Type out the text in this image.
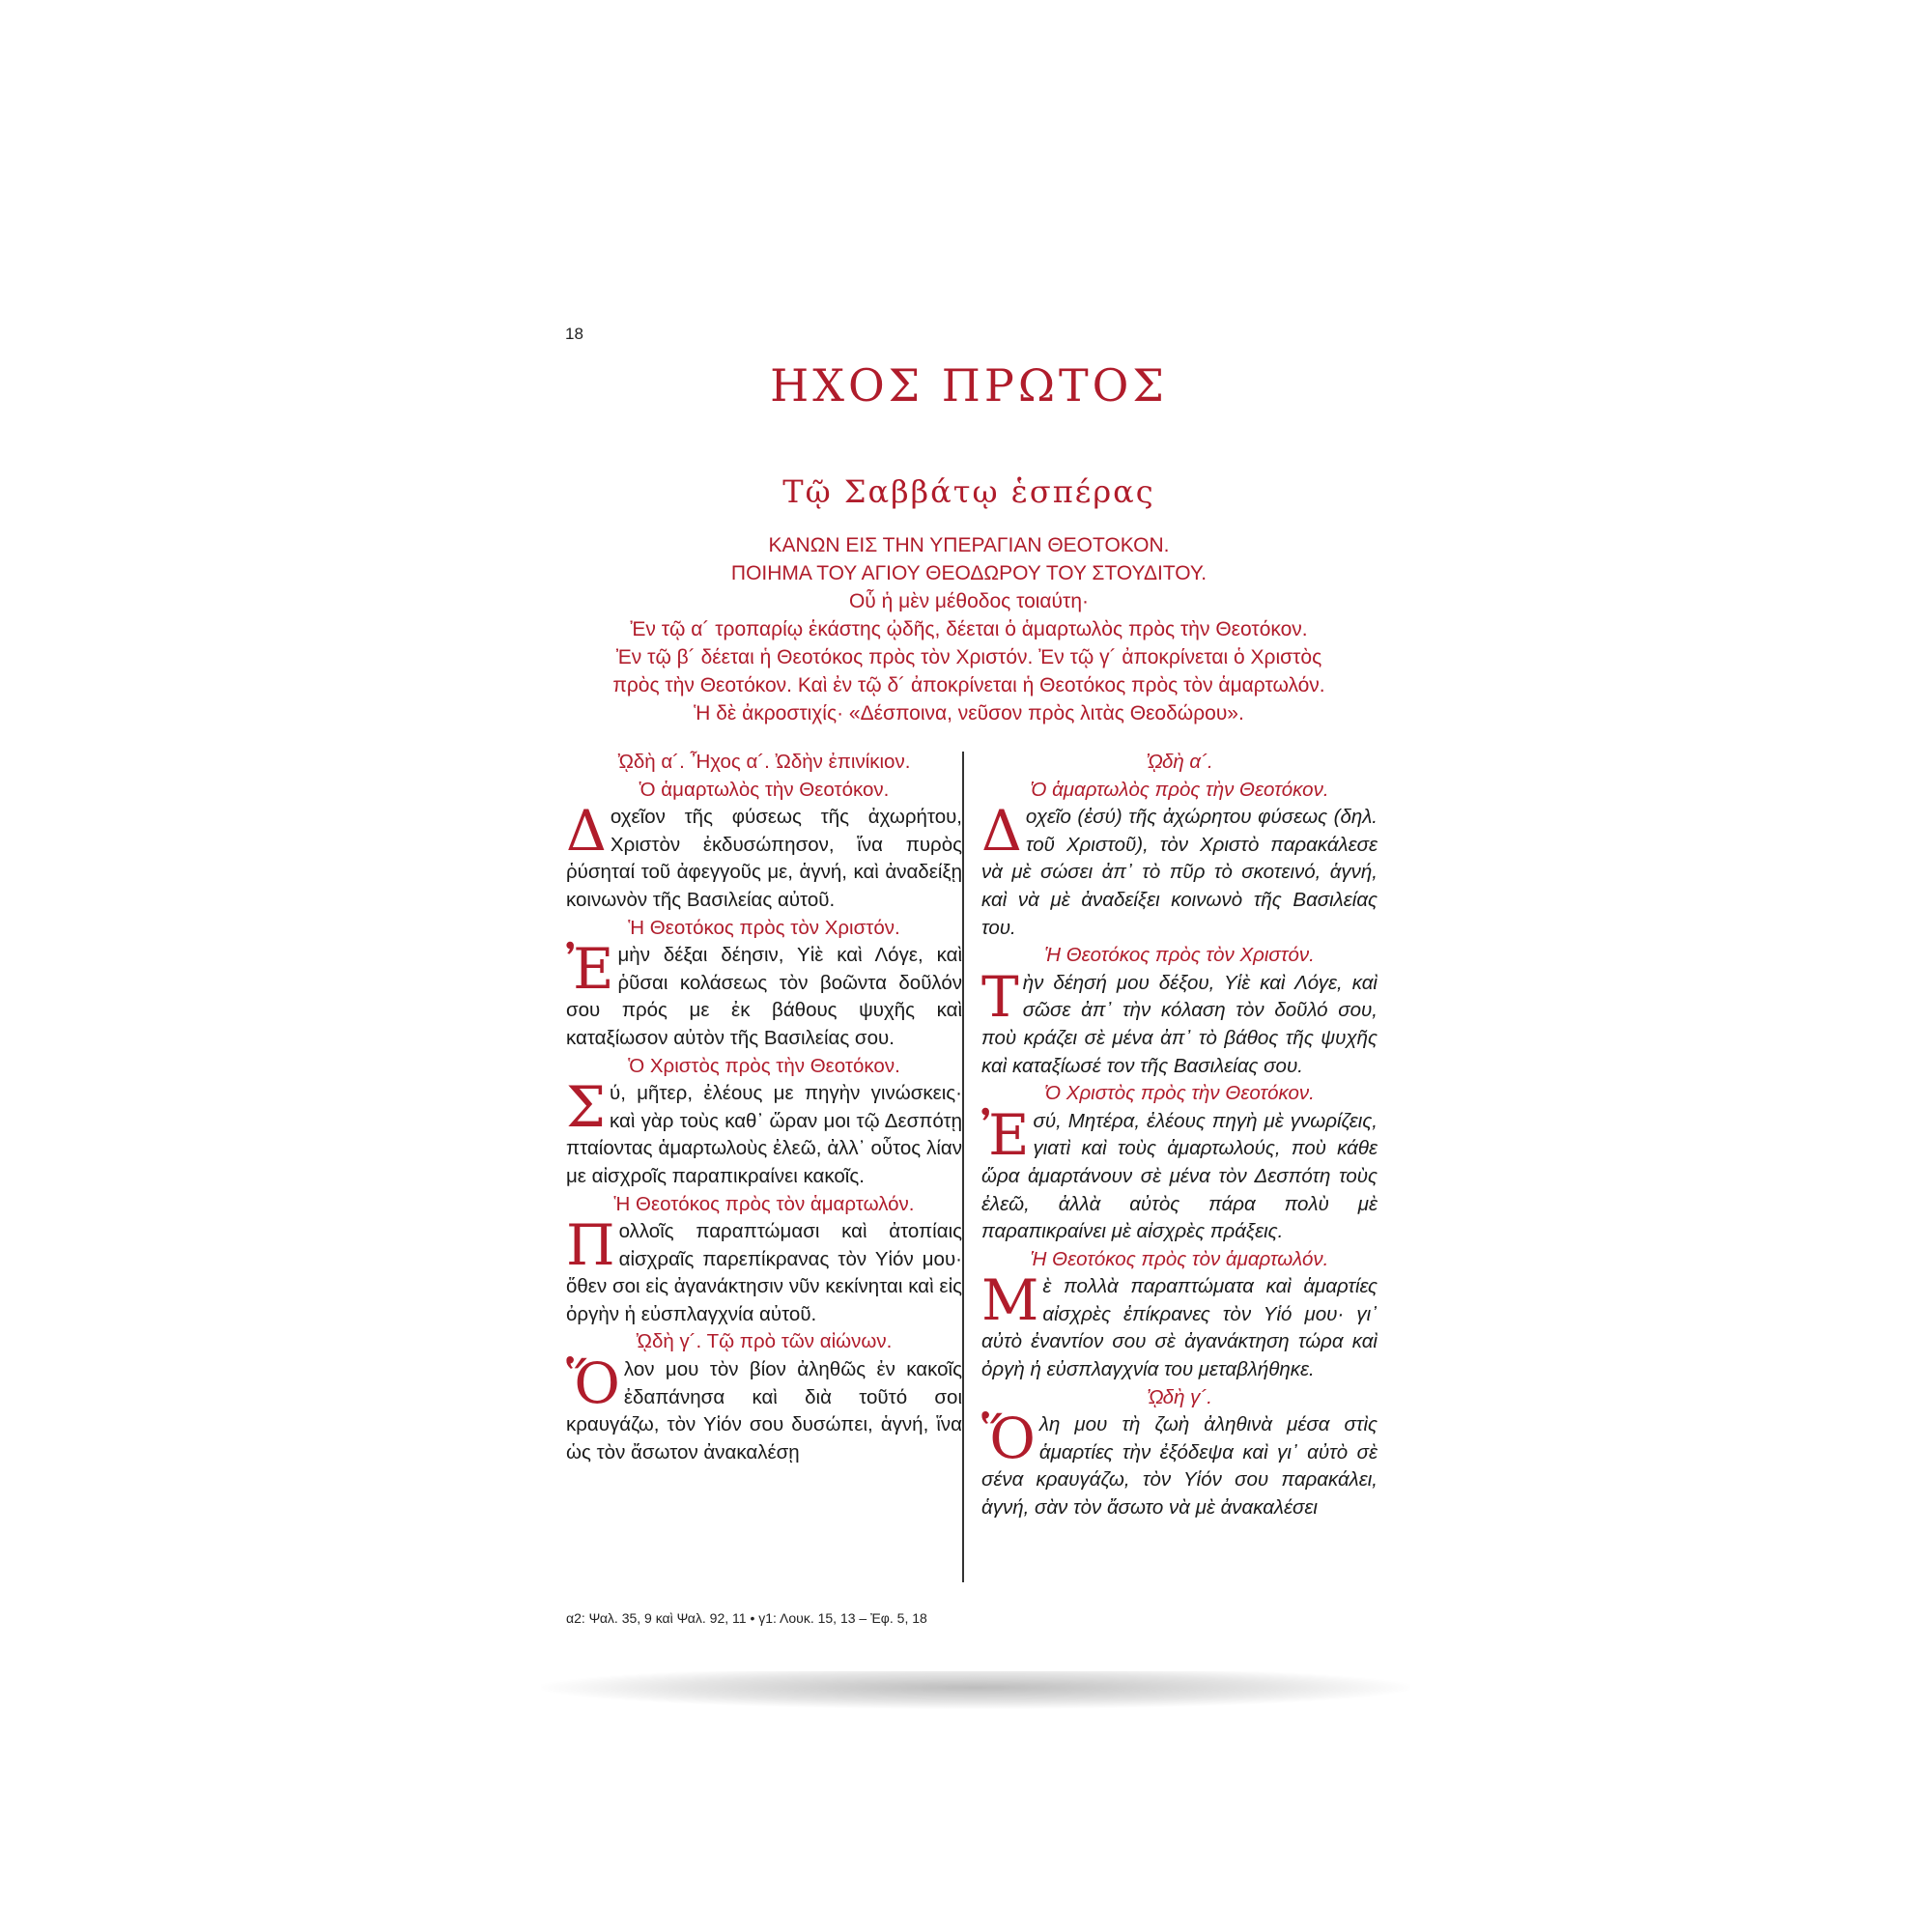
18
ΗΧΟΣ ΠΡΩΤΟΣ
Τῷ Σαββάτῳ ἑσπέρας
ΚΑΝΩΝ ΕΙΣ ΤΗΝ ΥΠΕΡΑΓΙΑΝ ΘΕΟΤΟΚΟΝ.
ΠΟΙΗΜΑ ΤΟΥ ΑΓΙΟΥ ΘΕΟΔΩΡΟΥ ΤΟΥ ΣΤΟΥΔΙΤΟΥ.
Οὗ ἡ μὲν μέθοδος τοιαύτη·
Ἐν τῷ α´ τροπαρίῳ ἑκάστης ᾠδῆς, δέεται ὁ ἁμαρτωλὸς πρὸς τὴν Θεοτόκον.
Ἐν τῷ β´ δέεται ἡ Θεοτόκος πρὸς τὸν Χριστόν. Ἐν τῷ γ´ ἀποκρίνεται ὁ Χριστὸς
πρὸς τὴν Θεοτόκον. Καὶ ἐν τῷ δ´ ἀποκρίνεται ἡ Θεοτόκος πρὸς τὸν ἁμαρτωλόν.
Ἡ δὲ ἀκροστιχίς· «Δέσποινα, νεῦσον πρὸς λιτὰς Θεοδώρου».
ᾨδὴ α´. Ἦχος α´. Ὠδὴν ἐπινίκιον.
Ὁ ἁμαρτωλὸς τὴν Θεοτόκον.
Δοχεῖον τῆς φύσεως τῆς ἀχωρήτου, Χριστὸν ἐκδυσώπησον, ἵνα πυρὸς ῥύσηταί τοῦ ἀφεγγοῦς με, ἁγνή, καὶ ἀναδείξῃ κοινωνὸν τῆς Βασιλείας αὐτοῦ.
Ἡ Θεοτόκος πρὸς τὸν Χριστόν.
Ἐμὴν δέξαι δέησιν, Υἱὲ καὶ Λόγε, καὶ ῥῦσαι κολάσεως τὸν βοῶντα δοῦλόν σου πρός με ἐκ βάθους ψυχῆς καὶ καταξίωσον αὐτὸν τῆς Βασιλείας σου.
Ὁ Χριστὸς πρὸς τὴν Θεοτόκον.
Σύ, μῆτερ, ἐλέους με πηγὴν γινώσκεις· καὶ γὰρ τοὺς καθ᾽ ὥραν μοι τῷ Δεσπότῃ πταίοντας ἁμαρτωλοὺς ἐλεῶ, ἀλλ᾽ οὗτος λίαν με αἰσχροῖς παραπικραίνει κακοῖς.
Ἡ Θεοτόκος πρὸς τὸν ἁμαρτωλόν.
Πολλοῖς παραπτώμασι καὶ ἀτοπίαις αἰσχραῖς παρεπίκρανας τὸν Υἱόν μου· ὅθεν σοι εἰς ἀγανάκτησιν νῦν κεκίνηται καὶ εἰς ὀργὴν ἡ εὐσπλαγχνία αὐτοῦ.
ᾨδὴ γ´. Τῷ πρὸ τῶν αἰώνων.
Ὅλον μου τὸν βίον ἀληθῶς ἐν κακοῖς ἐδαπάνησα καὶ διὰ τοῦτό σοι κραυγάζω, τὸν Υἱόν σου δυσώπει, ἁγνή, ἵνα ὡς τὸν ἄσωτον ἀνακαλέσῃ
ᾨδὴ α´.
Ὁ ἁμαρτωλὸς πρὸς τὴν Θεοτόκον.
Δοχεῖο (ἐσύ) τῆς ἀχώρητου φύσεως (δηλ. τοῦ Χριστοῦ), τὸν Χριστὸ παρακάλεσε νὰ μὲ σώσει ἀπ᾽ τὸ πῦρ τὸ σκοτεινό, ἁγνή, καὶ νὰ μὲ ἀναδείξει κοινωνὸ τῆς Βασιλείας του.
Ἡ Θεοτόκος πρὸς τὸν Χριστόν.
Τὴν δέησή μου δέξου, Υἱὲ καὶ Λόγε, καὶ σῶσε ἀπ᾽ τὴν κόλαση τὸν δοῦλό σου, ποὺ κράζει σὲ μένα ἀπ᾽ τὸ βάθος τῆς ψυχῆς καὶ καταξίωσέ τον τῆς Βασιλείας σου.
Ὁ Χριστὸς πρὸς τὴν Θεοτόκον.
Ἐσύ, Μητέρα, ἐλέους πηγὴ μὲ γνωρίζεις, γιατὶ καὶ τοὺς ἁμαρτωλούς, ποὺ κάθε ὥρα ἁμαρτάνουν σὲ μένα τὸν Δεσπότη τοὺς ἐλεῶ, ἀλλὰ αὐτὸς πάρα πολὺ μὲ παραπικραίνει μὲ αἰσχρὲς πράξεις.
Ἡ Θεοτόκος πρὸς τὸν ἁμαρτωλόν.
Μὲ πολλὰ παραπτώματα καὶ ἁμαρτίες αἰσχρὲς ἐπίκρανες τὸν Υἱό μου· γι᾽ αὐτὸ ἐναντίον σου σὲ ἀγανάκτηση τώρα καὶ ὀργὴ ἡ εὐσπλαγχνία του μεταβλήθηκε.
ᾨδὴ γ´.
Ὅλη μου τὴ ζωὴ ἀληθινὰ μέσα στὶς ἁμαρτίες τὴν ἐξόδεψα καὶ γι᾽ αὐτὸ σὲ σένα κραυγάζω, τὸν Υἱόν σου παρακάλει, ἁγνή, σὰν τὸν ἄσωτο νὰ μὲ ἀνακαλέσει
α2: Ψαλ. 35, 9 καὶ Ψαλ. 92, 11 • γ1: Λουκ. 15, 13 – Ἐφ. 5, 18
